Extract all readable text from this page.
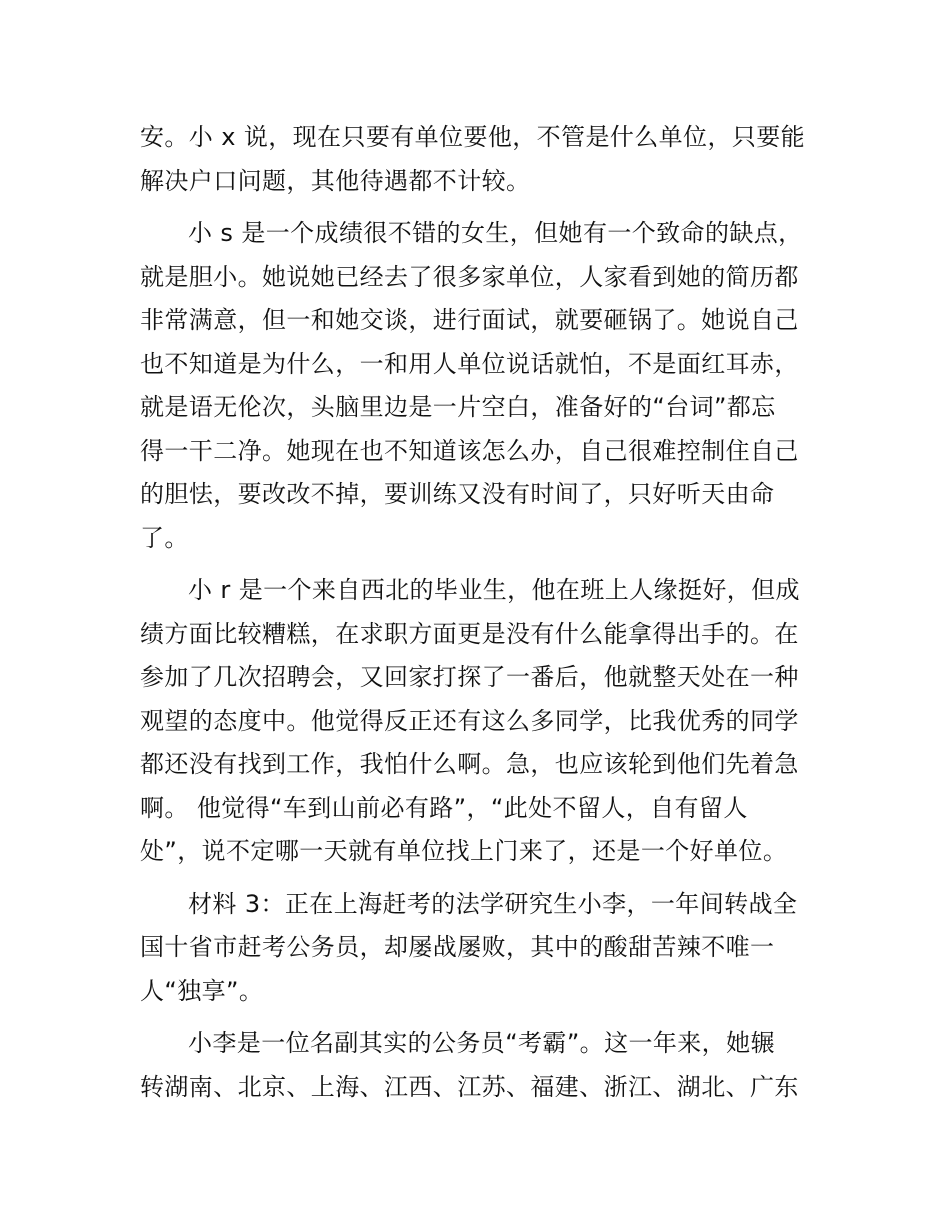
安。小 x 说，现在只要有单位要他，不管是什么单位，只要能
解决户口问题，其他待遇都不计较。
小 s 是一个成绩很不错的女生，但她有一个致命的缺点，
就是胆小。她说她已经去了很多家单位，人家看到她的简历都
非常满意，但一和她交谈，进行面试，就要砸锅了。她说自己
也不知道是为什么，一和用人单位说话就怕，不是面红耳赤，
就是语无伦次，头脑里边是一片空白，准备好的“台词”都忘
得一干二净。她现在也不知道该怎么办，自己很难控制住自己
的胆怯，要改改不掉，要训练又没有时间了，只好听天由命
了。
小 r 是一个来自西北的毕业生，他在班上人缘挺好，但成
绩方面比较糟糕，在求职方面更是没有什么能拿得出手的。在
参加了几次招聘会，又回家打探了一番后，他就整天处在一种
观望的态度中。他觉得反正还有这么多同学，比我优秀的同学
都还没有找到工作，我怕什么啊。急，也应该轮到他们先着急
啊。 他觉得“车到山前必有路”，“此处不留人，自有留人
处”，说不定哪一天就有单位找上门来了，还是一个好单位。
材料 3：正在上海赶考的法学研究生小李，一年间转战全
国十省市赶考公务员，却屡战屡败，其中的酸甜苦辣不唯一
人“独享”。
小李是一位名副其实的公务员“考霸”。这一年来，她辗
转湖南、北京、上海、江西、江苏、福建、浙江、湖北、广东
